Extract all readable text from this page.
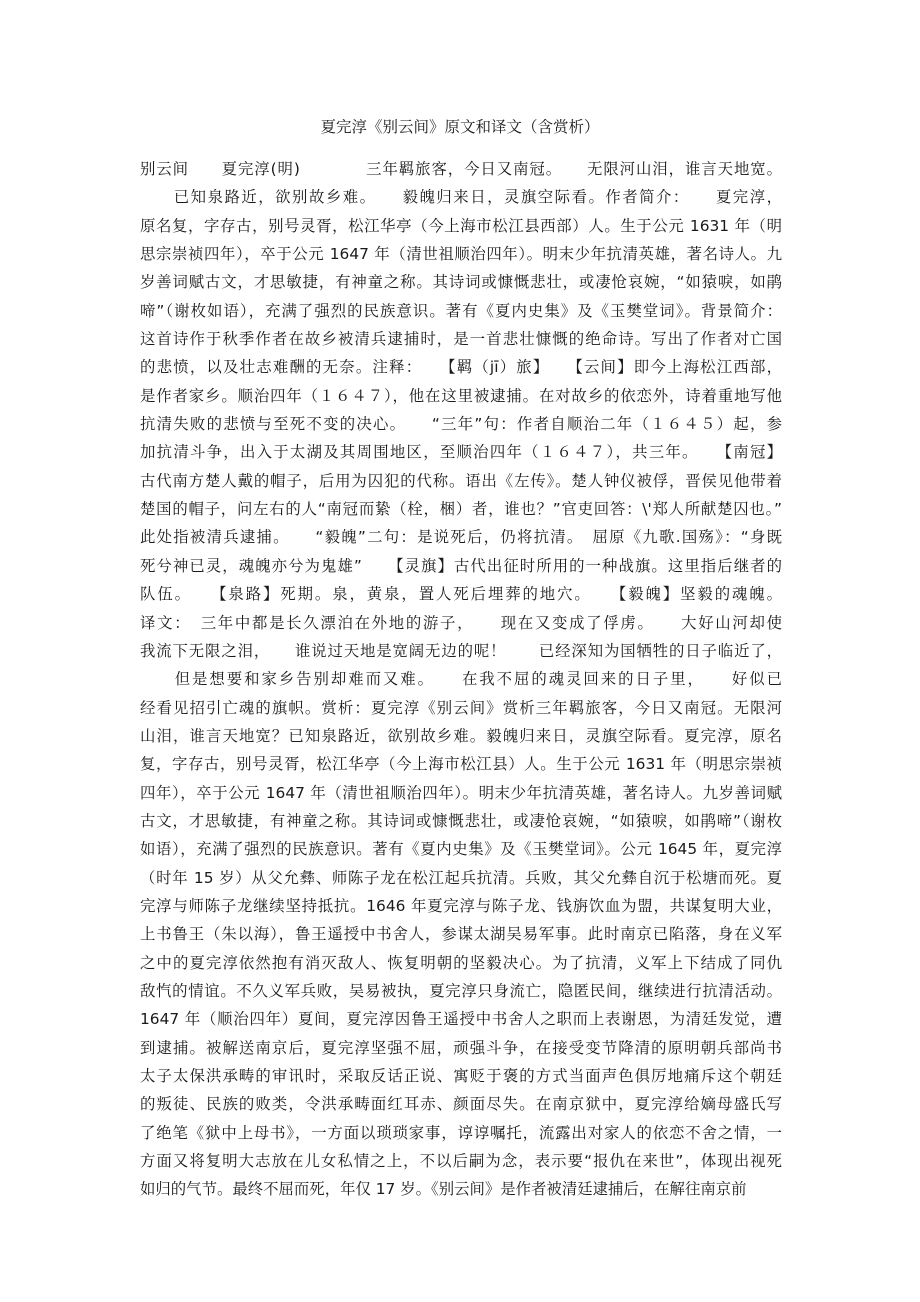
夏完淳《别云间》原文和译文（含赏析）
别云间　　夏完淳(明)　　　　三年羁旅客，今日又南冠。　　无限河山泪，谁言天地宽。
　　已知泉路近，欲别故乡难。　　毅魄归来日，灵旗空际看。作者简介：　　夏完淳，
原名复，字存古，别号灵胥，松江华亭（今上海市松江县西部）人。生于公元 1631 年（明
思宗崇祯四年），卒于公元 1647 年（清世祖顺治四年）。明末少年抗清英雄，著名诗人。九
岁善词赋古文，才思敏捷，有神童之称。其诗词或慷慨悲壮，或凄怆哀婉，“如猿唳，如鹃
啼”（谢枚如语），充满了强烈的民族意识。著有《夏内史集》及《玉樊堂词》。背景简介：
这首诗作于秋季作者在故乡被清兵逮捕时，是一首悲壮慷慨的绝命诗。写出了作者对亡国
的悲愤，以及壮志难酬的无奈。注释：　　【羁（jī）旅】　　【云间】即今上海松江西部，
是作者家乡。顺治四年（１６４７），他在这里被逮捕。在对故乡的依恋外，诗着重地写他
抗清失败的悲愤与至死不变的决心。　　“三年”句：作者自顺治二年（１６４５）起，参
加抗清斗争，出入于太湖及其周围地区，至顺治四年（１６４７），共三年。　　【南冠】
古代南方楚人戴的帽子，后用为囚犯的代称。语出《左传》。楚人钟仪被俘，晋侯见他带着
楚国的帽子，问左右的人“南冠而絷（栓，梱）者，谁也？”官吏回答：\'郑人所献楚囚也。”
此处指被清兵逮捕。　　“毅魄”二句：是说死后，仍将抗清。　屈原《九歌.国殇》：“身既
死兮神已灵，魂魄亦兮为鬼雄”　　【灵旗】古代出征时所用的一种战旗。这里指后继者的
队伍。　　【泉路】死期。泉，黄泉，置人死后埋葬的地穴。　　【毅魄】坚毅的魂魄。
译文：　三年中都是长久漂泊在外地的游子，　　现在又变成了俘虏。　　大好山河却使
我流下无限之泪，　　谁说过天地是宽阔无边的呢！　　已经深知为国牺牲的日子临近了，
　　但是想要和家乡告别却难而又难。　　在我不屈的魂灵回来的日子里，　　好似已
经看见招引亡魂的旗帜。赏析：夏完淳《别云间》赏析三年羁旅客，今日又南冠。无限河
山泪，谁言天地宽？已知泉路近，欲别故乡难。毅魄归来日，灵旗空际看。夏完淳，原名
复，字存古，别号灵胥，松江华亭（今上海市松江县）人。生于公元 1631 年（明思宗崇祯
四年），卒于公元 1647 年（清世祖顺治四年）。明末少年抗清英雄，著名诗人。九岁善词赋
古文，才思敏捷，有神童之称。其诗词或慷慨悲壮，或凄怆哀婉，“如猿唳，如鹃啼”（谢枚
如语），充满了强烈的民族意识。著有《夏内史集》及《玉樊堂词》。公元 1645 年，夏完淳
（时年 15 岁）从父允彝、师陈子龙在松江起兵抗清。兵败，其父允彝自沉于松塘而死。夏
完淳与师陈子龙继续坚持抵抗。1646 年夏完淳与陈子龙、钱旃饮血为盟，共谋复明大业，
上书鲁王（朱以海），鲁王遥授中书舍人，参谋太湖吴易军事。此时南京已陷落，身在义军
之中的夏完淳依然抱有消灭敌人、恢复明朝的坚毅决心。为了抗清，义军上下结成了同仇
敌忾的情谊。不久义军兵败，吴易被执，夏完淳只身流亡，隐匿民间，继续进行抗清活动。
1647 年（顺治四年）夏间，夏完淳因鲁王遥授中书舍人之职而上表谢恩，为清廷发觉，遭
到逮捕。被解送南京后，夏完淳坚强不屈，顽强斗争，在接受变节降清的原明朝兵部尚书
太子太保洪承畴的审讯时，采取反话正说、寓贬于褒的方式当面声色俱厉地痛斥这个朝廷
的叛徒、民族的败类，令洪承畴面红耳赤、颜面尽失。在南京狱中，夏完淳给嫡母盛氏写
了绝笔《狱中上母书》，一方面以琐琐家事，谆谆嘱托，流露出对家人的依恋不舍之情，一
方面又将复明大志放在儿女私情之上，不以后嗣为念，表示要“报仇在来世”，体现出视死
如归的气节。最终不屈而死，年仅 17 岁。《别云间》是作者被清廷逮捕后，在解往南京前
